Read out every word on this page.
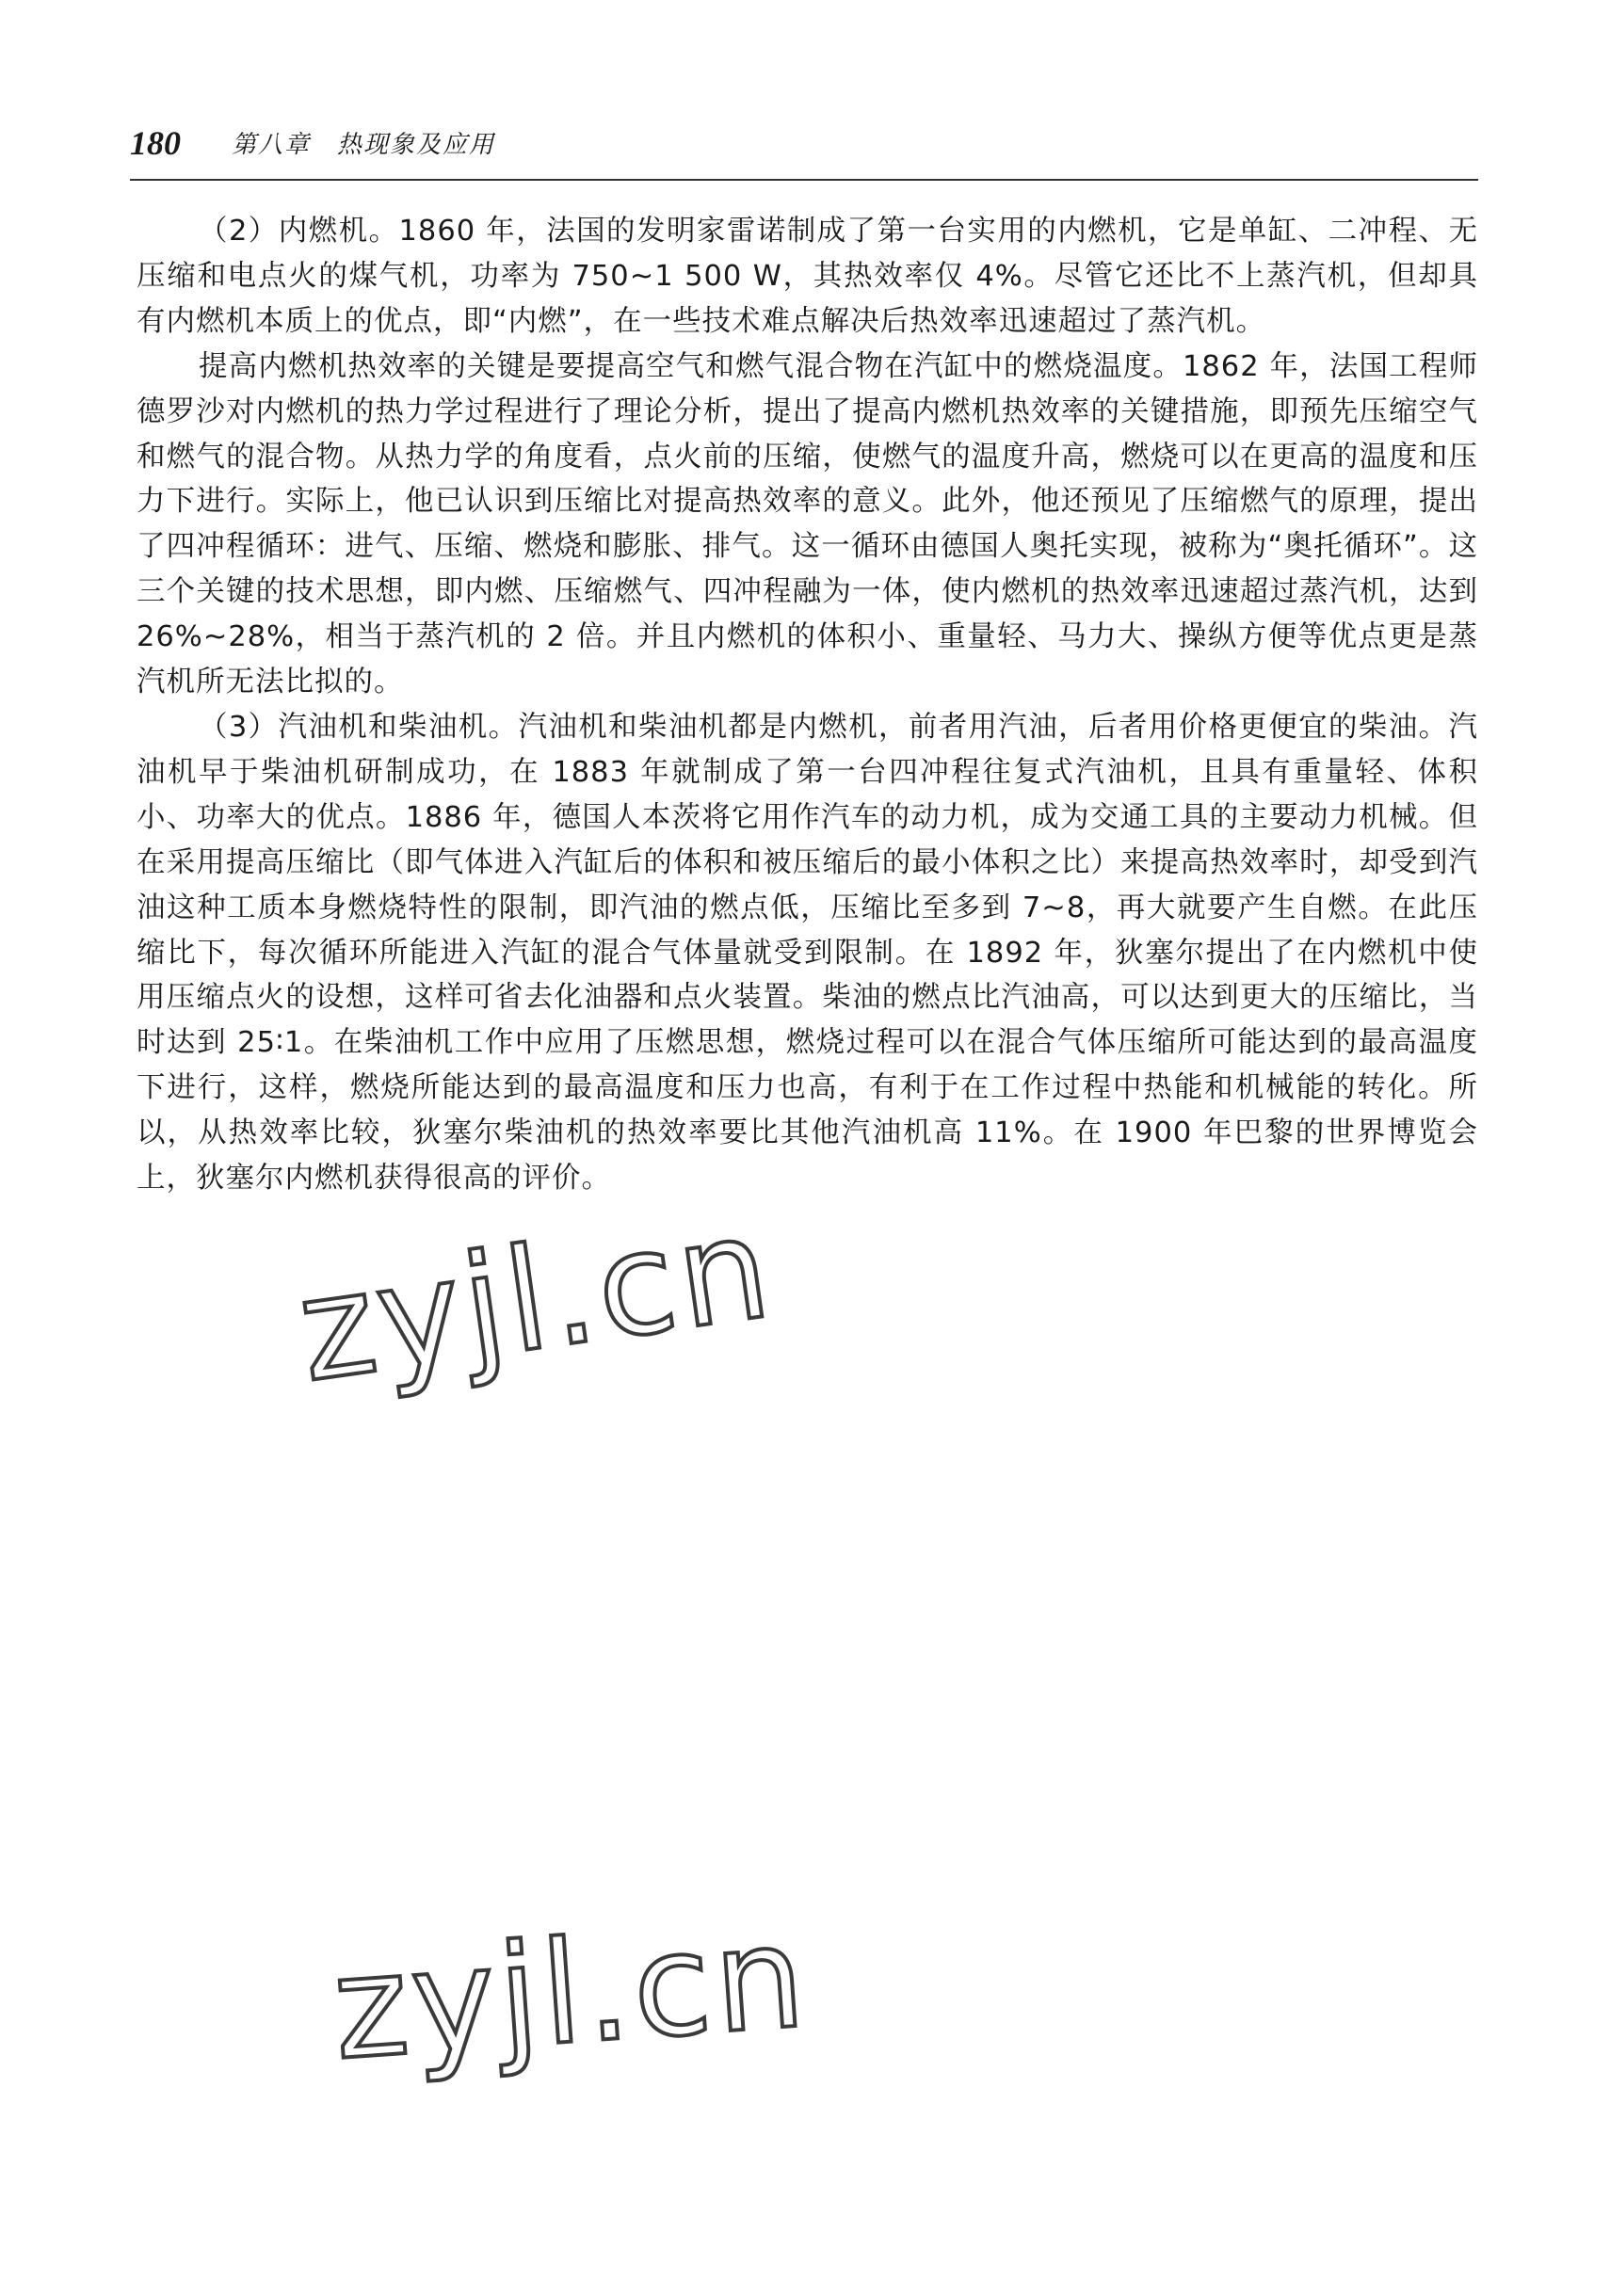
180 第八章　热现象及应用

（2）内燃机。1860 年，法国的发明家雷诺制成了第一台实用的内燃机，它是单缸、二冲程、无压缩和电点火的煤气机，功率为 750~1 500 W，其热效率仅 4%。尽管它还比不上蒸汽机，但却具有内燃机本质上的优点，即“内燃”，在一些技术难点解决后热效率迅速超过了蒸汽机。

提高内燃机热效率的关键是要提高空气和燃气混合物在汽缸中的燃烧温度。1862 年，法国工程师德罗沙对内燃机的热力学过程进行了理论分析，提出了提高内燃机热效率的关键措施，即预先压缩空气和燃气的混合物。从热力学的角度看，点火前的压缩，使燃气的温度升高，燃烧可以在更高的温度和压力下进行。实际上，他已认识到压缩比对提高热效率的意义。此外，他还预见了压缩燃气的原理，提出了四冲程循环：进气、压缩、燃烧和膨胀、排气。这一循环由德国人奥托实现，被称为“奥托循环”。这三个关键的技术思想，即内燃、压缩燃气、四冲程融为一体，使内燃机的热效率迅速超过蒸汽机，达到 26%~28%，相当于蒸汽机的 2 倍。并且内燃机的体积小、重量轻、马力大、操纵方便等优点更是蒸汽机所无法比拟的。

（3）汽油机和柴油机。汽油机和柴油机都是内燃机，前者用汽油，后者用价格更便宜的柴油。汽油机早于柴油机研制成功，在 1883 年就制成了第一台四冲程往复式汽油机，且具有重量轻、体积小、功率大的优点。1886 年，德国人本茨将它用作汽车的动力机，成为交通工具的主要动力机械。但在采用提高压缩比（即气体进入汽缸后的体积和被压缩后的最小体积之比）来提高热效率时，却受到汽油这种工质本身燃烧特性的限制，即汽油的燃点低，压缩比至多到 7~8，再大就要产生自燃。在此压缩比下，每次循环所能进入汽缸的混合气体量就受到限制。在 1892 年，狄塞尔提出了在内燃机中使用压缩点火的设想，这样可省去化油器和点火装置。柴油的燃点比汽油高，可以达到更大的压缩比，当时达到 25∶1。在柴油机工作中应用了压燃思想，燃烧过程可以在混合气体压缩所可能达到的最高温度下进行，这样，燃烧所能达到的最高温度和压力也高，有利于在工作过程中热能和机械能的转化。所以，从热效率比较，狄塞尔柴油机的热效率要比其他汽油机高 11%。在 1900 年巴黎的世界博览会上，狄塞尔内燃机获得很高的评价。

zyjl.cn
zyjl.cn
